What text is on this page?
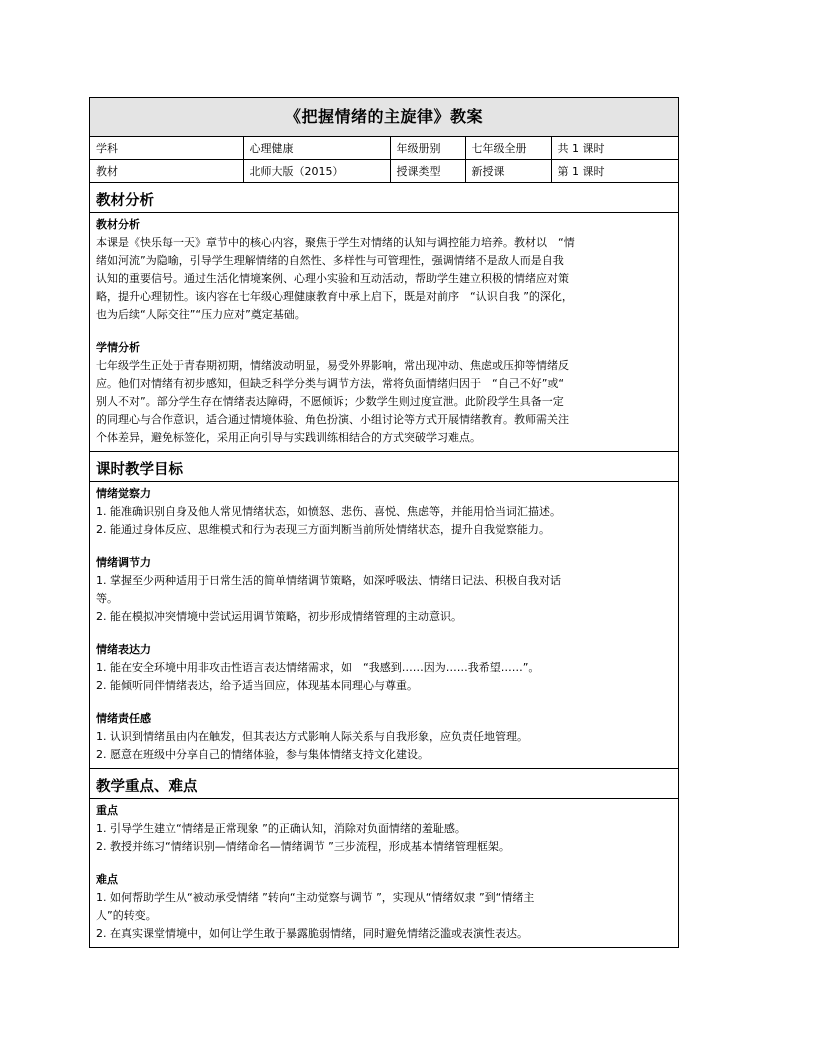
《把握情绪的主旋律》教案
学科	心理健康	年级册别	七年级全册	共 1 课时
教材	北师大版（2015）	授课类型	新授课	第 1 课时
教材分析
教材分析
本课是《快乐每一天》章节中的核心内容，聚焦于学生对情绪的认知与调控能力培养。教材以　“情
绪如河流”为隐喻，引导学生理解情绪的自然性、多样性与可管理性，强调情绪不是敌人而是自我
认知的重要信号。通过生活化情境案例、心理小实验和互动活动，帮助学生建立积极的情绪应对策
略，提升心理韧性。该内容在七年级心理健康教育中承上启下，既是对前序　“认识自我 ”的深化，
也为后续“人际交往”“压力应对”奠定基础。
学情分析
七年级学生正处于青春期初期，情绪波动明显，易受外界影响，常出现冲动、焦虑或压抑等情绪反
应。他们对情绪有初步感知，但缺乏科学分类与调节方法，常将负面情绪归因于　“自己不好”或“
别人不对”。部分学生存在情绪表达障碍，不愿倾诉；少数学生则过度宣泄。此阶段学生具备一定
的同理心与合作意识，适合通过情境体验、角色扮演、小组讨论等方式开展情绪教育。教师需关注
个体差异，避免标签化，采用正向引导与实践训练相结合的方式突破学习难点。
课时教学目标
情绪觉察力
1. 能准确识别自身及他人常见情绪状态，如愤怒、悲伤、喜悦、焦虑等，并能用恰当词汇描述。
2. 能通过身体反应、思维模式和行为表现三方面判断当前所处情绪状态，提升自我觉察能力。
情绪调节力
1. 掌握至少两种适用于日常生活的简单情绪调节策略，如深呼吸法、情绪日记法、积极自我对话
等。
2. 能在模拟冲突情境中尝试运用调节策略，初步形成情绪管理的主动意识。
情绪表达力
1. 能在安全环境中用非攻击性语言表达情绪需求，如　“我感到……因为……我希望……”。
2. 能倾听同伴情绪表达，给予适当回应，体现基本同理心与尊重。
情绪责任感
1. 认识到情绪虽由内在触发，但其表达方式影响人际关系与自我形象，应负责任地管理。
2. 愿意在班级中分享自己的情绪体验，参与集体情绪支持文化建设。
教学重点、难点
重点
1. 引导学生建立“情绪是正常现象 ”的正确认知，消除对负面情绪的羞耻感。
2. 教授并练习“情绪识别—情绪命名—情绪调节 ”三步流程，形成基本情绪管理框架。
难点
1. 如何帮助学生从“被动承受情绪 ”转向“主动觉察与调节 ”，实现从“情绪奴隶 ”到“情绪主
人”的转变。
2. 在真实课堂情境中，如何让学生敢于暴露脆弱情绪，同时避免情绪泛滥或表演性表达。
